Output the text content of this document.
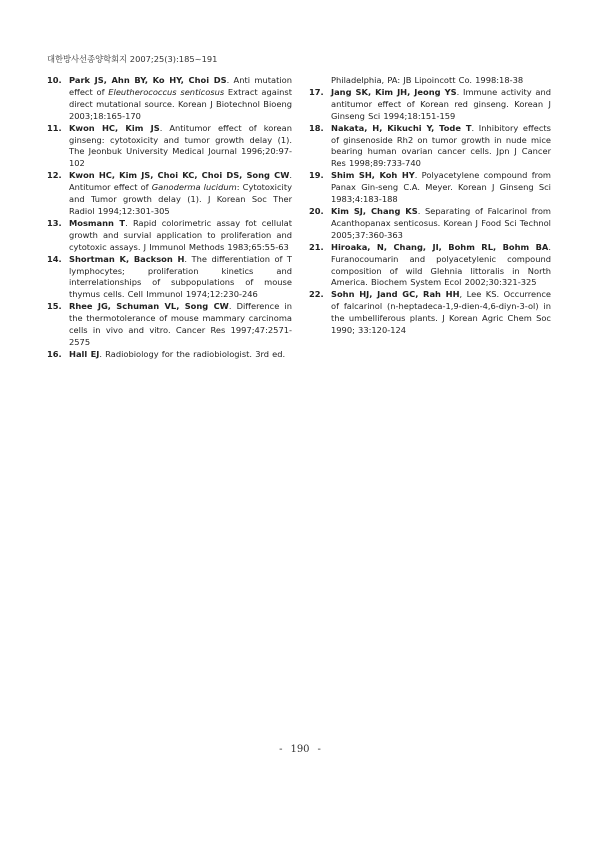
대한방사선종양학회지 2007;25(3):185~191
10. Park JS, Ahn BY, Ko HY, Choi DS. Anti mutation effect of Eleutherococcus senticosus Extract against direct mutational source. Korean J Biotechnol Bioeng 2003;18:165-170
11. Kwon HC, Kim JS. Antitumor effect of korean ginseng: cytotoxicity and tumor growth delay (1). The Jeonbuk University Medical Journal 1996;20:97-102
12. Kwon HC, Kim JS, Choi KC, Choi DS, Song CW. Antitumor effect of Ganoderma lucidum: Cytotoxicity and Tumor growth delay (1). J Korean Soc Ther Radiol 1994;12:301-305
13. Mosmann T. Rapid colorimetric assay fot cellulat growth and survial application to proliferation and cytotoxic assays. J Immunol Methods 1983;65:55-63
14. Shortman K, Backson H. The differentiation of T lymphocytes; proliferation kinetics and interrelationships of subpopulations of mouse thymus cells. Cell Immunol 1974;12:230-246
15. Rhee JG, Schuman VL, Song CW. Difference in the thermotolerance of mouse mammary carcinoma cells in vivo and vitro. Cancer Res 1997;47:2571-2575
16. Hall EJ. Radiobiology for the radiobiologist. 3rd ed.
Philadelphia, PA: JB Lipoincott Co. 1998:18-38
17. Jang SK, Kim JH, Jeong YS. Immune activity and antitumor effect of Korean red ginseng. Korean J Ginseng Sci 1994;18:151-159
18. Nakata, H, Kikuchi Y, Tode T. Inhibitory effects of ginsenoside Rh2 on tumor growth in nude mice bearing human ovarian cancer cells. Jpn J Cancer Res 1998;89:733-740
19. Shim SH, Koh HY. Polyacetylene compound from Panax Gin-seng C.A. Meyer. Korean J Ginseng Sci 1983;4:183-188
20. Kim SJ, Chang KS. Separating of Falcarinol from Acanthopanax senticosus. Korean J Food Sci Technol 2005;37:360-363
21. Hiroaka, N, Chang, JI, Bohm RL, Bohm BA. Furanocoumarin and polyacetylenic compound composition of wild Glehnia littoralis in North America. Biochem System Ecol 2002;30:321-325
22. Sohn HJ, Jand GC, Rah HH, Lee KS. Occurrence of falcarinol (n-heptadeca-1,9-dien-4,6-diyn-3-ol) in the umbelliferous plants. J Korean Agric Chem Soc 1990; 33:120-124
- 190 -
